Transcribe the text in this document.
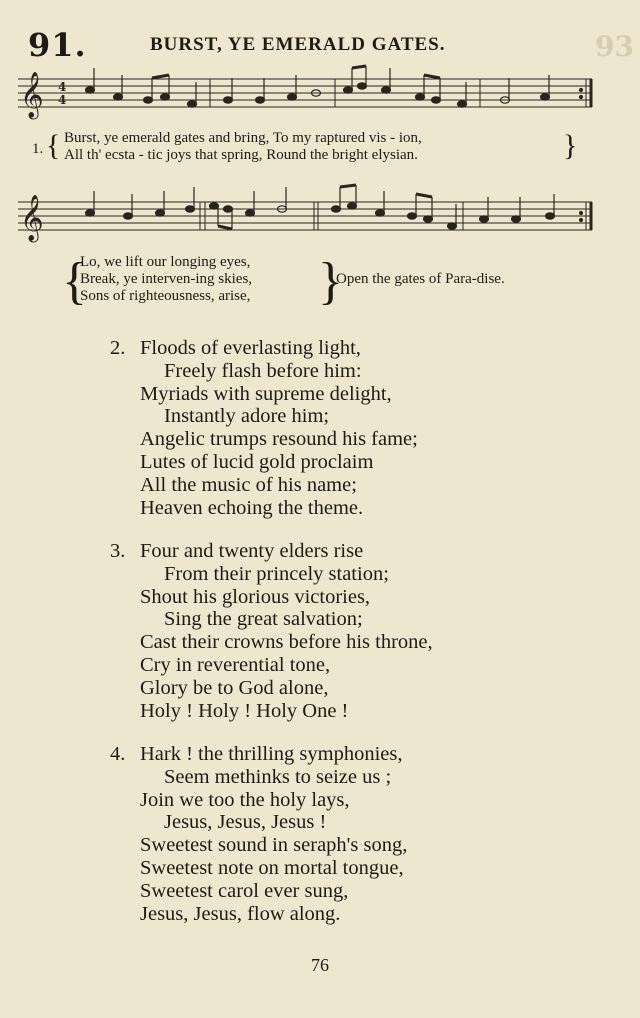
91.	BURST, YE EMERALD GATES.	93
𝄞 4
4
1. { Burst, ye emerald gates and bring, To my raptured vis - ion,
All th' ecsta - tic joys that spring, Round the bright elysian.	}
𝄞
{
Lo, we lift our longing eyes,
Break, ye interven-ing skies,
Sons of righteousness, arise, }
Open the gates of Para-dise.
2. Floods of everlasting light,
Freely flash before him:
Myriads with supreme delight,
Instantly adore him;
Angelic trumps resound his fame;
Lutes of lucid gold proclaim
All the music of his name;
Heaven echoing the theme.
3. Four and twenty elders rise
From their princely station;
Shout his glorious victories,
Sing the great salvation;
Cast their crowns before his throne,
Cry in reverential tone,
Glory be to God alone,
Holy ! Holy ! Holy One !
4. Hark ! the thrilling symphonies,
Seem methinks to seize us ;
Join we too the holy lays,
Jesus, Jesus, Jesus !
Sweetest sound in seraph's song,
Sweetest note on mortal tongue,
Sweetest carol ever sung,
Jesus, Jesus, flow along.
76
